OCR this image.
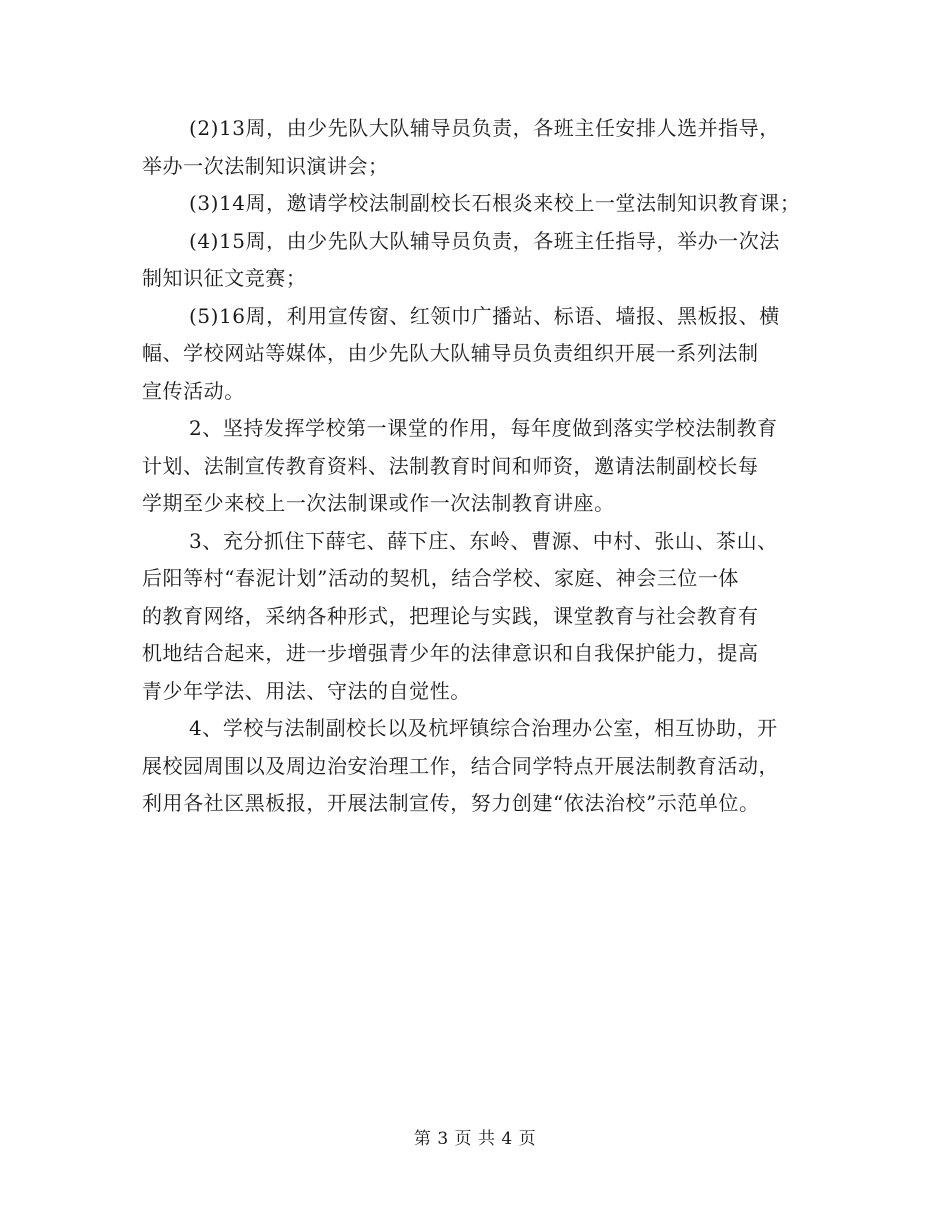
(2)13周，由少先队大队辅导员负责，各班主任安排人选并指导，
举办一次法制知识演讲会；
(3)14周，邀请学校法制副校长石根炎来校上一堂法制知识教育课；
(4)15周，由少先队大队辅导员负责，各班主任指导，举办一次法
制知识征文竞赛；
(5)16周，利用宣传窗、红领巾广播站、标语、墙报、黑板报、横
幅、学校网站等媒体，由少先队大队辅导员负责组织开展一系列法制
宣传活动。
2、坚持发挥学校第一课堂的作用，每年度做到落实学校法制教育
计划、法制宣传教育资料、法制教育时间和师资，邀请法制副校长每
学期至少来校上一次法制课或作一次法制教育讲座。
3、充分抓住下薛宅、薛下庄、东岭、曹源、中村、张山、茶山、
后阳等村“春泥计划”活动的契机，结合学校、家庭、神会三位一体
的教育网络，采纳各种形式，把理论与实践，课堂教育与社会教育有
机地结合起来，进一步增强青少年的法律意识和自我保护能力，提高
青少年学法、用法、守法的自觉性。
4、学校与法制副校长以及杭坪镇综合治理办公室，相互协助，开
展校园周围以及周边治安治理工作，结合同学特点开展法制教育活动，
利用各社区黑板报，开展法制宣传，努力创建“依法治校”示范单位。
第 3 页 共 4 页
